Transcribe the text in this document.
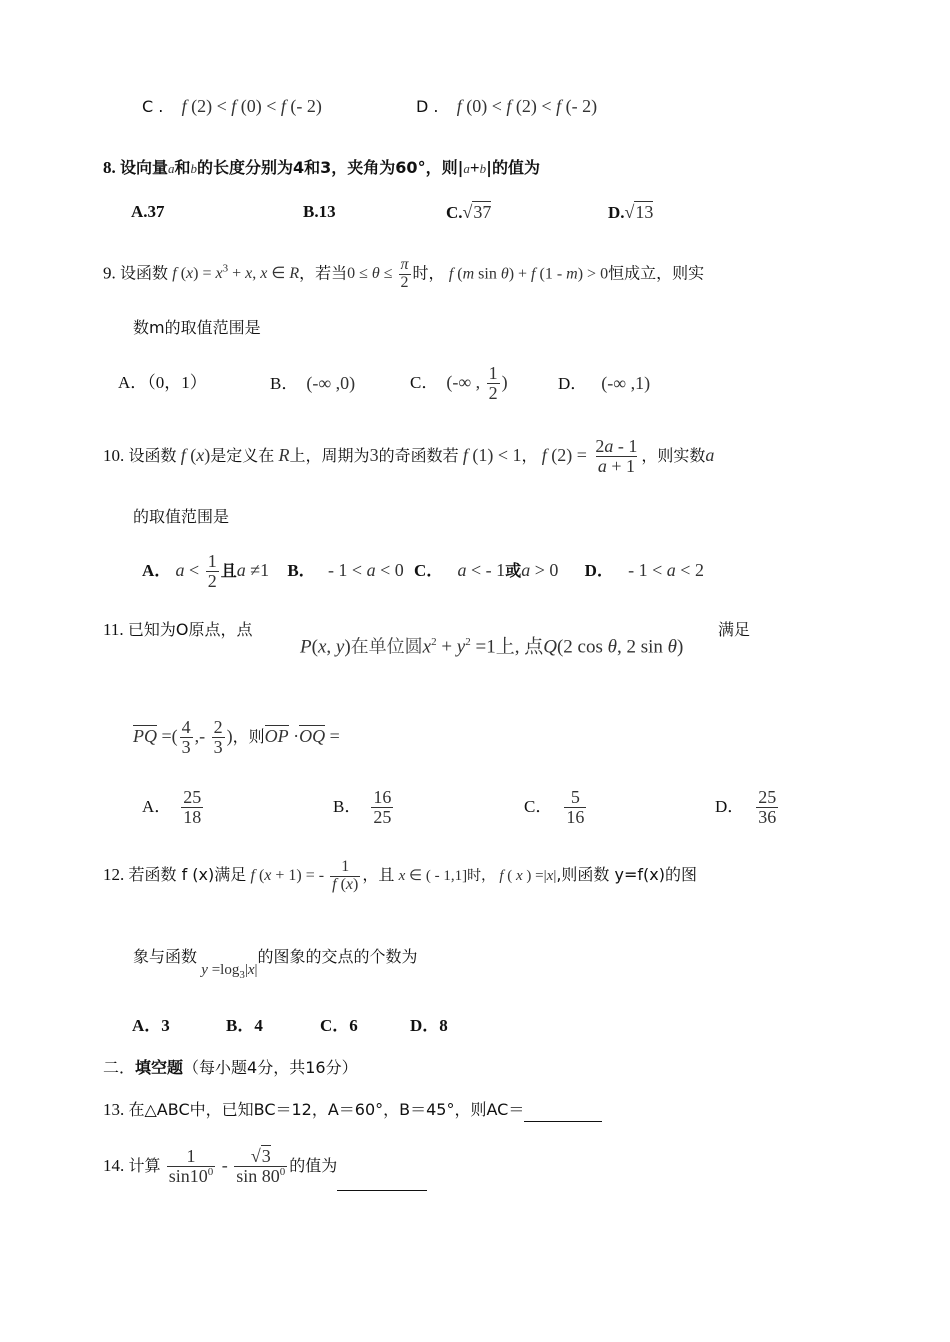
C . f (2) < f (0) < f (- 2)	D . f (0) < f (2) < f (- 2)
8. 设向量a和b的长度分别为4和3，夹角为60°，则|a+b|的值为
A.37	B.13	C.√37	D.√13
9. 设函数 f $(x) = x^3 + x$, x ∈ R，若当$0 \le \theta \le \frac{\pi}{2}$ 时， f (m sin θ) + f (1 - m) > 0恒成立，则实
数m的取值范围是
A．（0，1）	B． (-∞ ,0)	C． (-∞ , $\frac{1}{2}$ )	D． (-∞ ,1)
10. 设函数 f (x)是定义在 R上，周期为3的奇函数若 f (1) < 1， f $(2) = \frac{2a - 1}{a + 1}$ ，则实数a
的取值范围是
A． $a < \frac{1}{2}$ 且a ≠1 B． - 1 < a < 0 C． a < - 1或a > 0 D． - 1 < a < 2
11. 已知为O原点，点
P(x, y)在单位圆$x^2 + y^2 =1$上, 点Q(2 cos θ, 2 sin θ)
满足
PQ =( $\frac{4}{3}$ ,- $\frac{2}{3}$ )，则OP ·OQ =
A． $\frac{25}{18}$	B． $\frac{16}{25}$	C． $\frac{5}{16}$	D． $\frac{25}{36}$
12. 若函数 f (x)满足 f (x + 1) = - $\frac{1}{f (x)}$ ，且 x ∈ ( - 1,1]时， f ( x ) =|x|,则函数 y=f(x)的图
象与函数 $y =\log_3|x|$的图象的交点的个数为
A．3	B．4	C．6	D．8
二．填空题（每小题4分，共16分）
13. 在△ABC中，已知BC＝12，A＝60°，B＝45°，则AC＝
14. 计算 $\frac{1}{\sin 10^0} - \frac{√3}{\sin 80^0}$ 的值为
